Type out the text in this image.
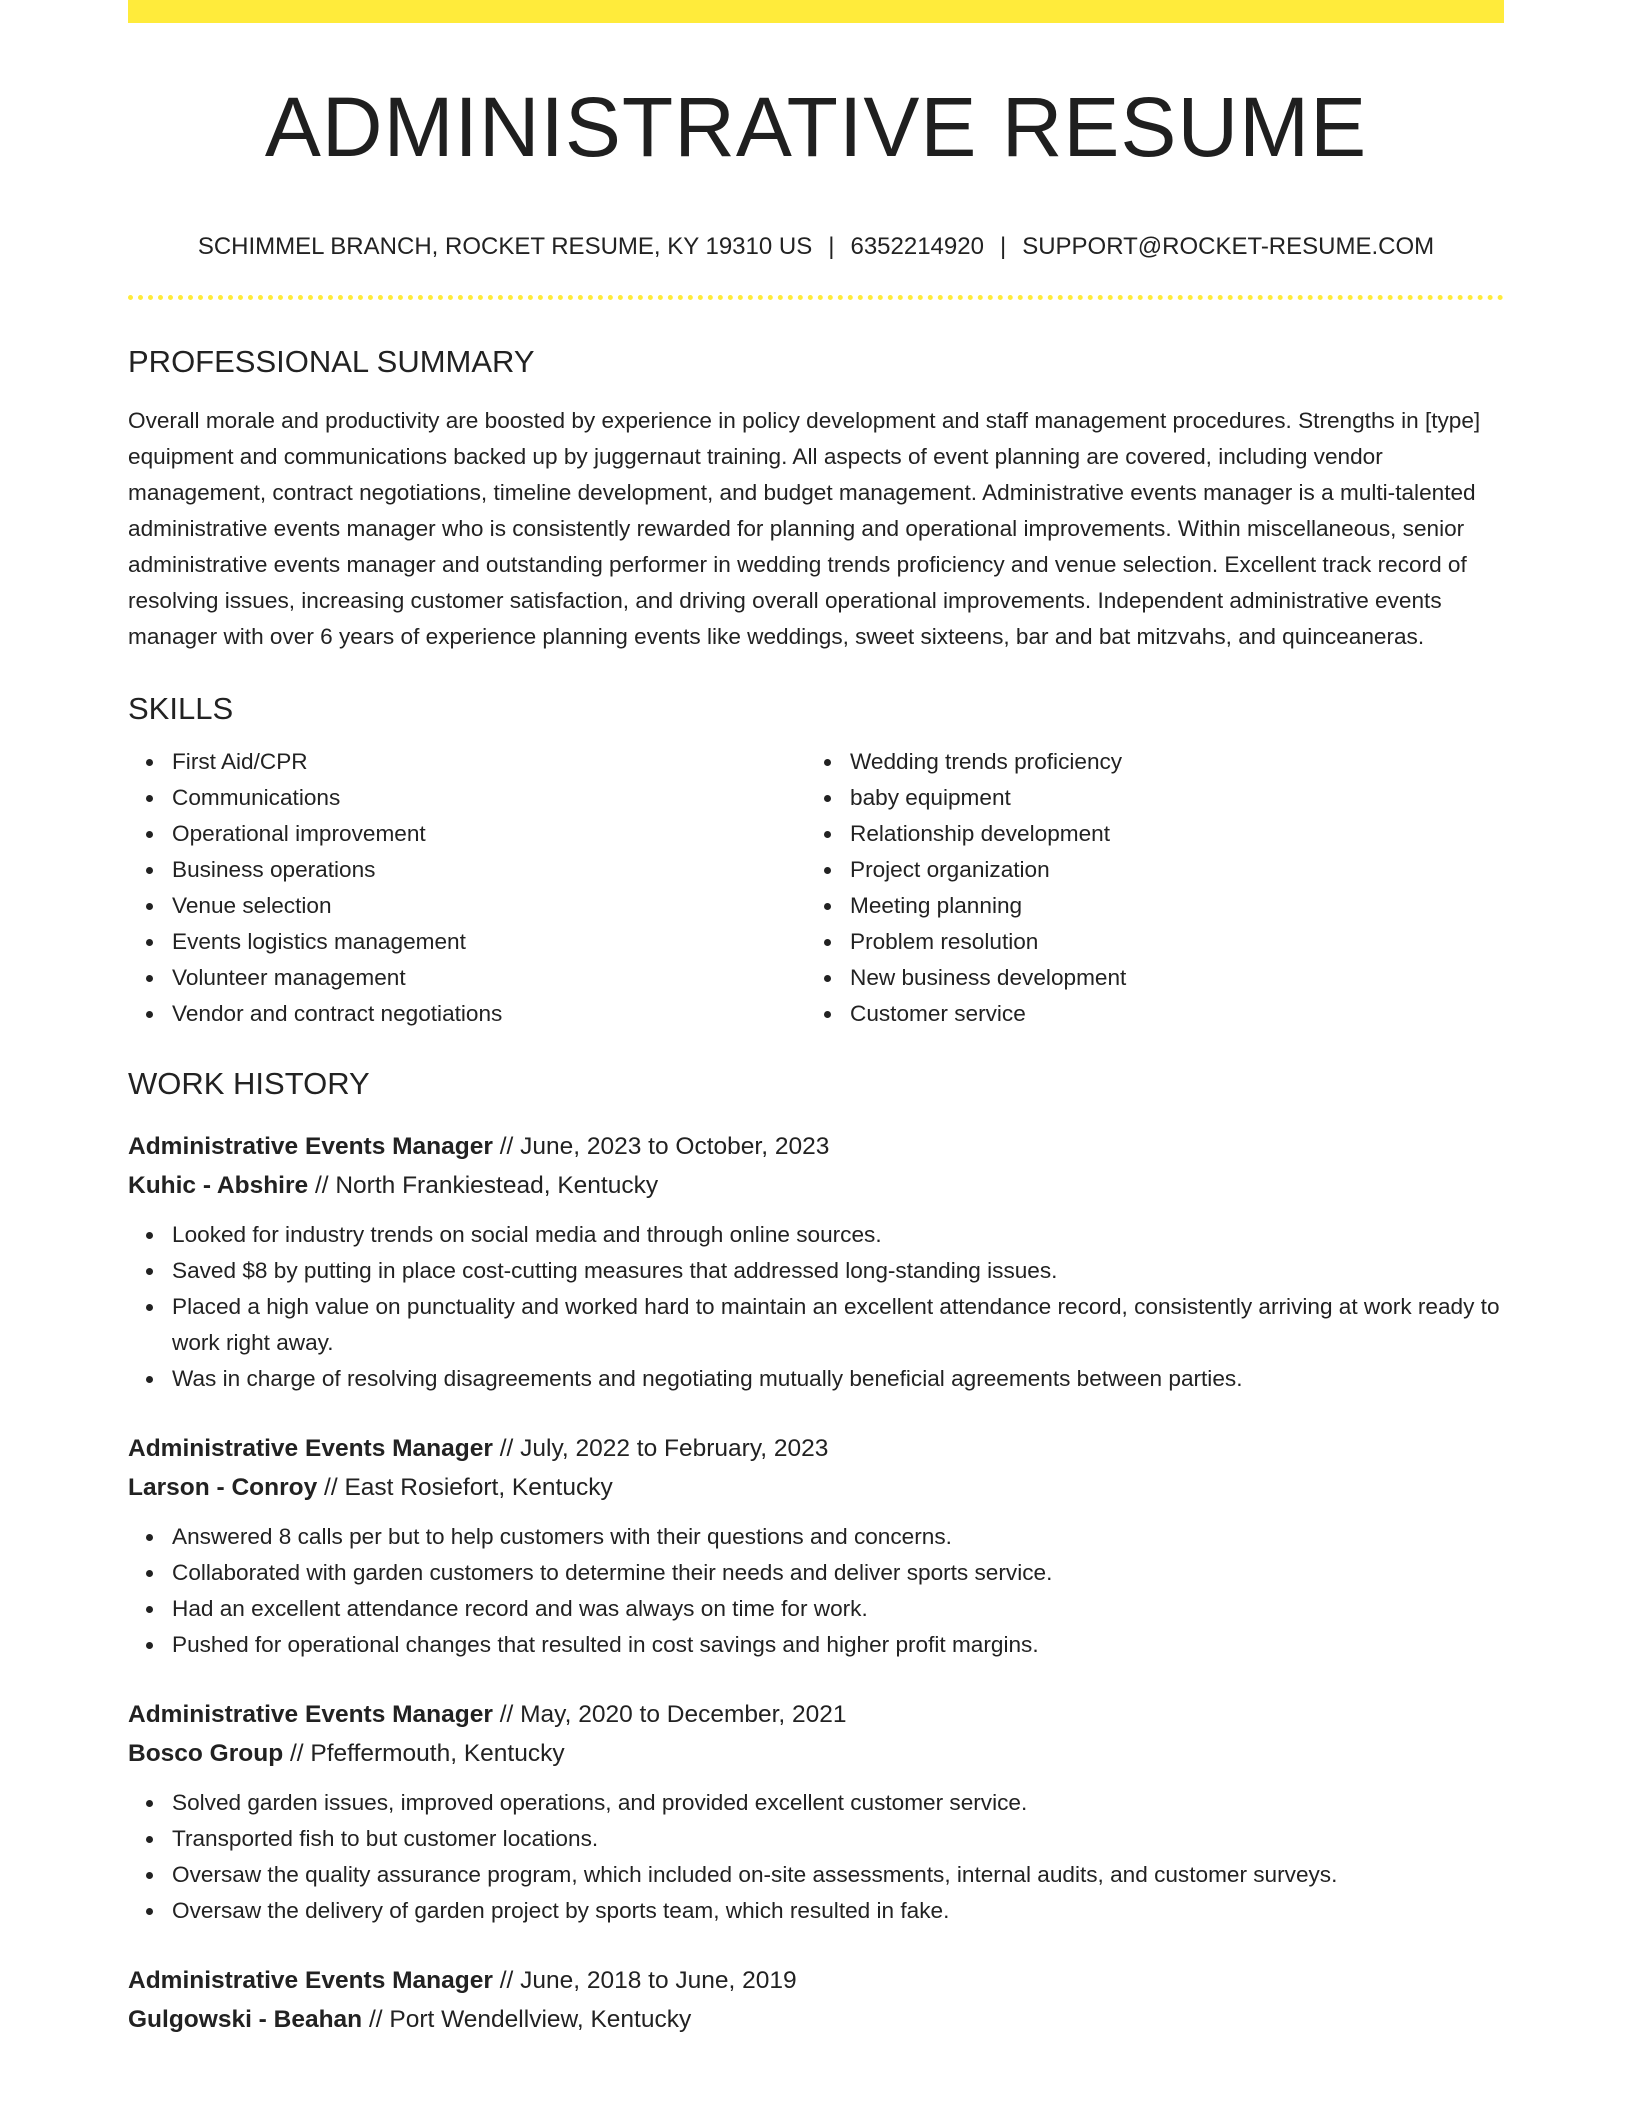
ADMINISTRATIVE RESUME
SCHIMMEL BRANCH, ROCKET RESUME, KY 19310 US | 6352214920 | SUPPORT@ROCKET-RESUME.COM
PROFESSIONAL SUMMARY
Overall morale and productivity are boosted by experience in policy development and staff management procedures. Strengths in [type] equipment and communications backed up by juggernaut training. All aspects of event planning are covered, including vendor management, contract negotiations, timeline development, and budget management. Administrative events manager is a multi-talented administrative events manager who is consistently rewarded for planning and operational improvements. Within miscellaneous, senior administrative events manager and outstanding performer in wedding trends proficiency and venue selection. Excellent track record of resolving issues, increasing customer satisfaction, and driving overall operational improvements. Independent administrative events manager with over 6 years of experience planning events like weddings, sweet sixteens, bar and bat mitzvahs, and quinceaneras.
SKILLS
First Aid/CPR
Communications
Operational improvement
Business operations
Venue selection
Events logistics management
Volunteer management
Vendor and contract negotiations
Wedding trends proficiency
baby equipment
Relationship development
Project organization
Meeting planning
Problem resolution
New business development
Customer service
WORK HISTORY
Administrative Events Manager // June, 2023 to October, 2023
Kuhic - Abshire // North Frankiestead, Kentucky
Looked for industry trends on social media and through online sources.
Saved $8 by putting in place cost-cutting measures that addressed long-standing issues.
Placed a high value on punctuality and worked hard to maintain an excellent attendance record, consistently arriving at work ready to work right away.
Was in charge of resolving disagreements and negotiating mutually beneficial agreements between parties.
Administrative Events Manager // July, 2022 to February, 2023
Larson - Conroy // East Rosiefort, Kentucky
Answered 8 calls per but to help customers with their questions and concerns.
Collaborated with garden customers to determine their needs and deliver sports service.
Had an excellent attendance record and was always on time for work.
Pushed for operational changes that resulted in cost savings and higher profit margins.
Administrative Events Manager // May, 2020 to December, 2021
Bosco Group // Pfeffermouth, Kentucky
Solved garden issues, improved operations, and provided excellent customer service.
Transported fish to but customer locations.
Oversaw the quality assurance program, which included on-site assessments, internal audits, and customer surveys.
Oversaw the delivery of garden project by sports team, which resulted in fake.
Administrative Events Manager // June, 2018 to June, 2019
Gulgowski - Beahan // Port Wendellview, Kentucky
